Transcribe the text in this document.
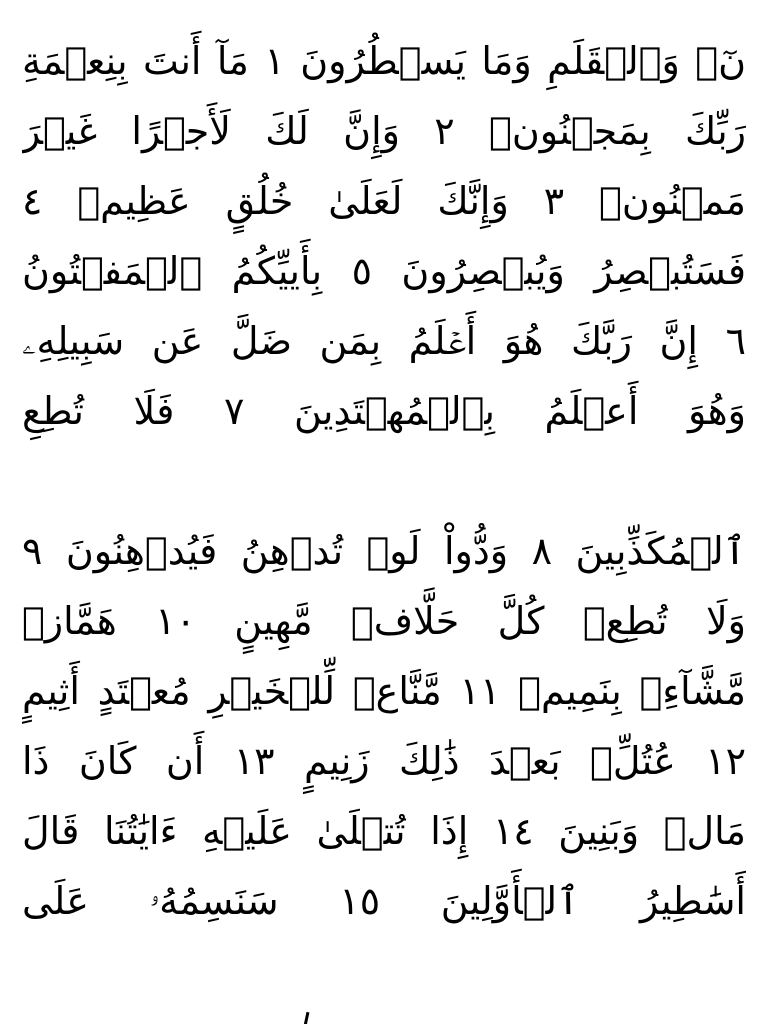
نٓۚ وَٱلۡقَلَمِ وَمَا يَسۡطُرُونَ ١ مَآ أَنتَ بِنِعۡمَةِ
رَبِّكَ بِمَجۡنُونٖ ٢ وَإِنَّ لَكَ لَأَجۡرًا غَيۡرَ
مَمۡنُونٖ ٣ وَإِنَّكَ لَعَلَىٰ خُلُقٍ عَظِيمٖ ٤
فَسَتُبۡصِرُ وَيُبۡصِرُونَ ٥ بِأَييِّكُمُ ٱلۡمَفۡتُونُ
٦ إِنَّ رَبَّكَ هُوَ أَعۡلَمُ بِمَن ضَلَّ عَن سَبِيلِهِۦ
وَهُوَ أَعۡلَمُ بِٱلۡمُهۡتَدِينَ ٧ فَلَا تُطِعِ
ٱلۡمُكَذِّبِينَ ٨ وَدُّواْ لَوۡ تُدۡهِنُ فَيُدۡهِنُونَ ٩
وَلَا تُطِعۡ كُلَّ حَلَّافٖ مَّهِينٍ ١٠ هَمَّازٖ
مَّشَّآءِۭ بِنَمِيمٖ ١١ مَّنَّاعٖ لِّلۡخَيۡرِ مُعۡتَدٍ أَثِيمٍ
١٢ عُتُلِّۭ بَعۡدَ ذَٰلِكَ زَنِيمٍ ١٣ أَن كَانَ ذَا
مَالٖ وَبَنِينَ ١٤ إِذَا تُتۡلَىٰ عَلَيۡهِ ءَايَٰتُنَا قَالَ
أَسَٰطِيرُ ٱلۡأَوَّلِينَ ١٥ سَنَسِمُهُۥ عَلَى
